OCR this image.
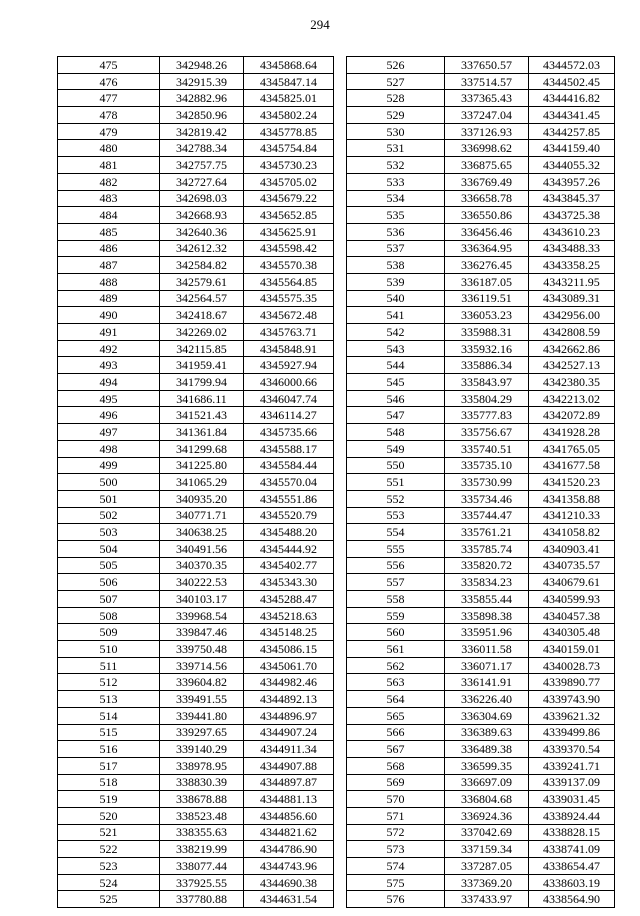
294
475	342948.26	4345868.64
476	342915.39	4345847.14
477	342882.96	4345825.01
478	342850.96	4345802.24
479	342819.42	4345778.85
480	342788.34	4345754.84
481	342757.75	4345730.23
482	342727.64	4345705.02
483	342698.03	4345679.22
484	342668.93	4345652.85
485	342640.36	4345625.91
486	342612.32	4345598.42
487	342584.82	4345570.38
488	342579.61	4345564.85
489	342564.57	4345575.35
490	342418.67	4345672.48
491	342269.02	4345763.71
492	342115.85	4345848.91
493	341959.41	4345927.94
494	341799.94	4346000.66
495	341686.11	4346047.74
496	341521.43	4346114.27
497	341361.84	4345735.66
498	341299.68	4345588.17
499	341225.80	4345584.44
500	341065.29	4345570.04
501	340935.20	4345551.86
502	340771.71	4345520.79
503	340638.25	4345488.20
504	340491.56	4345444.92
505	340370.35	4345402.77
506	340222.53	4345343.30
507	340103.17	4345288.47
508	339968.54	4345218.63
509	339847.46	4345148.25
510	339750.48	4345086.15
511	339714.56	4345061.70
512	339604.82	4344982.46
513	339491.55	4344892.13
514	339441.80	4344896.97
515	339297.65	4344907.24
516	339140.29	4344911.34
517	338978.95	4344907.88
518	338830.39	4344897.87
519	338678.88	4344881.13
520	338523.48	4344856.60
521	338355.63	4344821.62
522	338219.99	4344786.90
523	338077.44	4344743.96
524	337925.55	4344690.38
525	337780.88	4344631.54
526	337650.57	4344572.03
527	337514.57	4344502.45
528	337365.43	4344416.82
529	337247.04	4344341.45
530	337126.93	4344257.85
531	336998.62	4344159.40
532	336875.65	4344055.32
533	336769.49	4343957.26
534	336658.78	4343845.37
535	336550.86	4343725.38
536	336456.46	4343610.23
537	336364.95	4343488.33
538	336276.45	4343358.25
539	336187.05	4343211.95
540	336119.51	4343089.31
541	336053.23	4342956.00
542	335988.31	4342808.59
543	335932.16	4342662.86
544	335886.34	4342527.13
545	335843.97	4342380.35
546	335804.29	4342213.02
547	335777.83	4342072.89
548	335756.67	4341928.28
549	335740.51	4341765.05
550	335735.10	4341677.58
551	335730.99	4341520.23
552	335734.46	4341358.88
553	335744.47	4341210.33
554	335761.21	4341058.82
555	335785.74	4340903.41
556	335820.72	4340735.57
557	335834.23	4340679.61
558	335855.44	4340599.93
559	335898.38	4340457.38
560	335951.96	4340305.48
561	336011.58	4340159.01
562	336071.17	4340028.73
563	336141.91	4339890.77
564	336226.40	4339743.90
565	336304.69	4339621.32
566	336389.63	4339499.86
567	336489.38	4339370.54
568	336599.35	4339241.71
569	336697.09	4339137.09
570	336804.68	4339031.45
571	336924.36	4338924.44
572	337042.69	4338828.15
573	337159.34	4338741.09
574	337287.05	4338654.47
575	337369.20	4338603.19
576	337433.97	4338564.90
